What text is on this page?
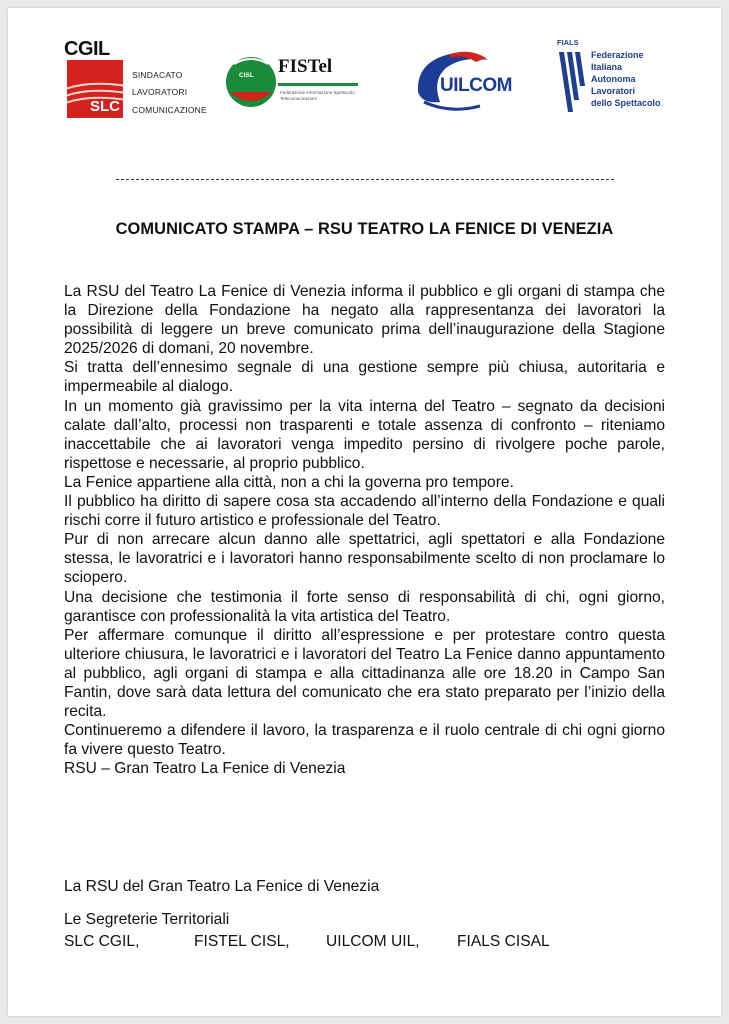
CGIL
SLC
SINDACATO
LAVORATORI
COMUNICAZIONE
CISL FISTel
Federazione Informazione Spettacolo Telecomunicazioni
UILCOM
FIALS
Federazione
Italiana
Autonoma
Lavoratori
dello Spettacolo
COMUNICATO STAMPA – RSU TEATRO LA FENICE DI VENEZIA

La RSU del Teatro La Fenice di Venezia informa il pubblico e gli organi di stampa che la Direzione della Fondazione ha negato alla rappresentanza dei lavoratori la possibilità di leggere un breve comunicato prima dell’inaugurazione della Stagione 2025/2026 di domani, 20 novembre.

Si tratta dell’ennesimo segnale di una gestione sempre più chiusa, autoritaria e impermeabile al dialogo.

In un momento già gravissimo per la vita interna del Teatro – segnato da decisioni calate dall’alto, processi non trasparenti e totale assenza di confronto – riteniamo inaccettabile che ai lavoratori venga impedito persino di rivolgere poche parole, rispettose e necessarie, al proprio pubblico.

La Fenice appartiene alla città, non a chi la governa pro tempore.

Il pubblico ha diritto di sapere cosa sta accadendo all’interno della Fondazione e quali rischi corre il futuro artistico e professionale del Teatro.

Pur di non arrecare alcun danno alle spettatrici, agli spettatori e alla Fondazione stessa, le lavoratrici e i lavoratori hanno responsabilmente scelto di non proclamare lo sciopero.

Una decisione che testimonia il forte senso di responsabilità di chi, ogni giorno, garantisce con professionalità la vita artistica del Teatro.

Per affermare comunque il diritto all’espressione e per protestare contro questa ulteriore chiusura, le lavoratrici e i lavoratori del Teatro La Fenice danno appuntamento al pubblico, agli organi di stampa e alla cittadinanza alle ore 18.20 in Campo San Fantin, dove sarà data lettura del comunicato che era stato preparato per l’inizio della recita.

Continueremo a difendere il lavoro, la trasparenza e il ruolo centrale di chi ogni giorno fa vivere questo Teatro.

RSU – Gran Teatro La Fenice di Venezia

La RSU del Gran Teatro La Fenice di Venezia
Le Segreterie Territoriali
SLC CGIL,	FISTEL CISL, UILCOM UIL, FIALS CISAL
